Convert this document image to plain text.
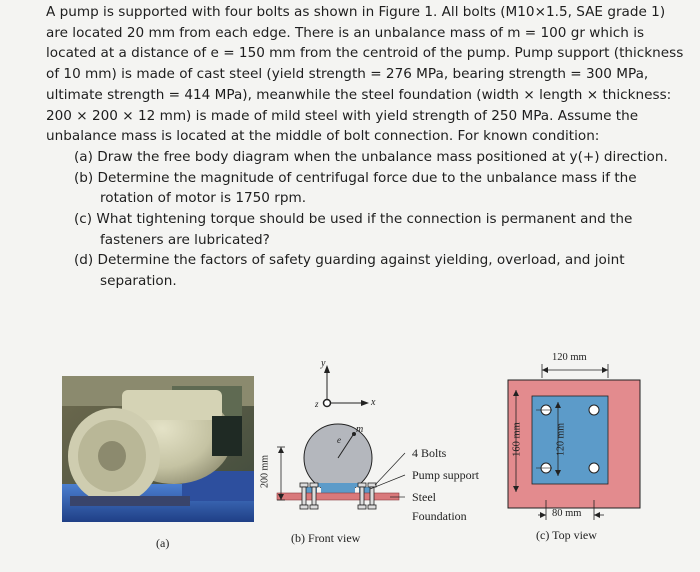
A pump is supported with four bolts as shown in Figure 1. All bolts (M10×1.5, SAE grade 1) are located 20 mm from each edge. There is an unbalance mass of m = 100 gr which is located at a distance of e = 150 mm from the centroid of the pump. Pump support (thickness of 10 mm) is made of cast steel (yield strength = 276 MPa, bearing strength = 300 MPa, ultimate strength = 414 MPa), meanwhile the steel foundation (width × length × thickness: 200 × 200 × 12 mm) is made of mild steel with yield strength of 250 MPa. Assume the unbalance mass is located at the middle of bolt connection. For known condition:

(a) Draw the free body diagram when the unbalance mass positioned at y(+) direction.

(b) Determine the magnitude of centrifugal force due to the unbalance mass if the rotation of motor is 1750 rpm.

(c) What tightening torque should be used if the connection is permanent and the fasteners are lubricated?

(d) Determine the factors of safety guarding against yielding, overload, and joint separation.

(a)
y
x
z
m
e
200 mm
(b) Front view
4 Bolts
Pump support
Steel
Foundation
120 mm
160 mm	120 mm
80 mm
(c) Top view
